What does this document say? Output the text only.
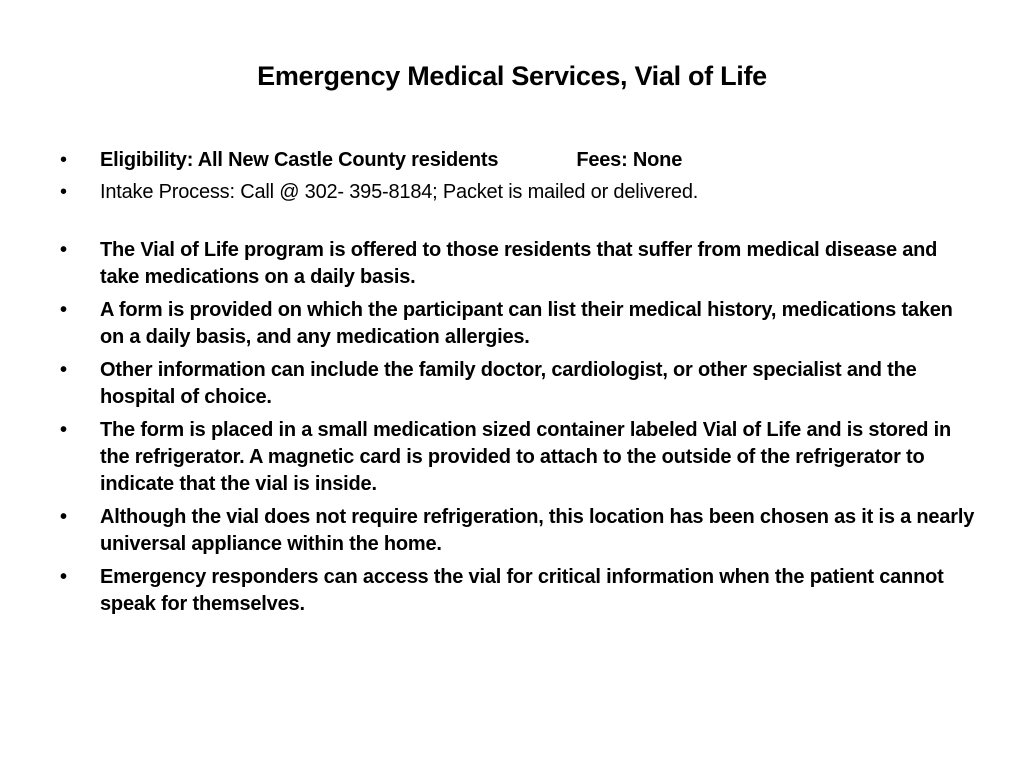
Emergency Medical Services, Vial of Life
•	Eligibility: All New Castle County residents	Fees: None
•	Intake Process: Call @ 302- 395-8184; Packet is mailed or delivered.
•	The Vial of Life program is offered to those residents that suffer from medical disease and take medications on a daily basis.
•	A form is provided on which the participant can list their medical history, medications taken on a daily basis, and any medication allergies.
•	Other information can include the family doctor, cardiologist, or other specialist and the hospital of choice.
•	The form is placed in a small medication sized container labeled Vial of Life and is stored in the refrigerator. A magnetic card is provided to attach to the outside of the refrigerator to indicate that the vial is inside.
•	Although the vial does not require refrigeration, this location has been chosen as it is a nearly universal appliance within the home.
•	Emergency responders can access the vial for critical information when the patient cannot speak for themselves.
